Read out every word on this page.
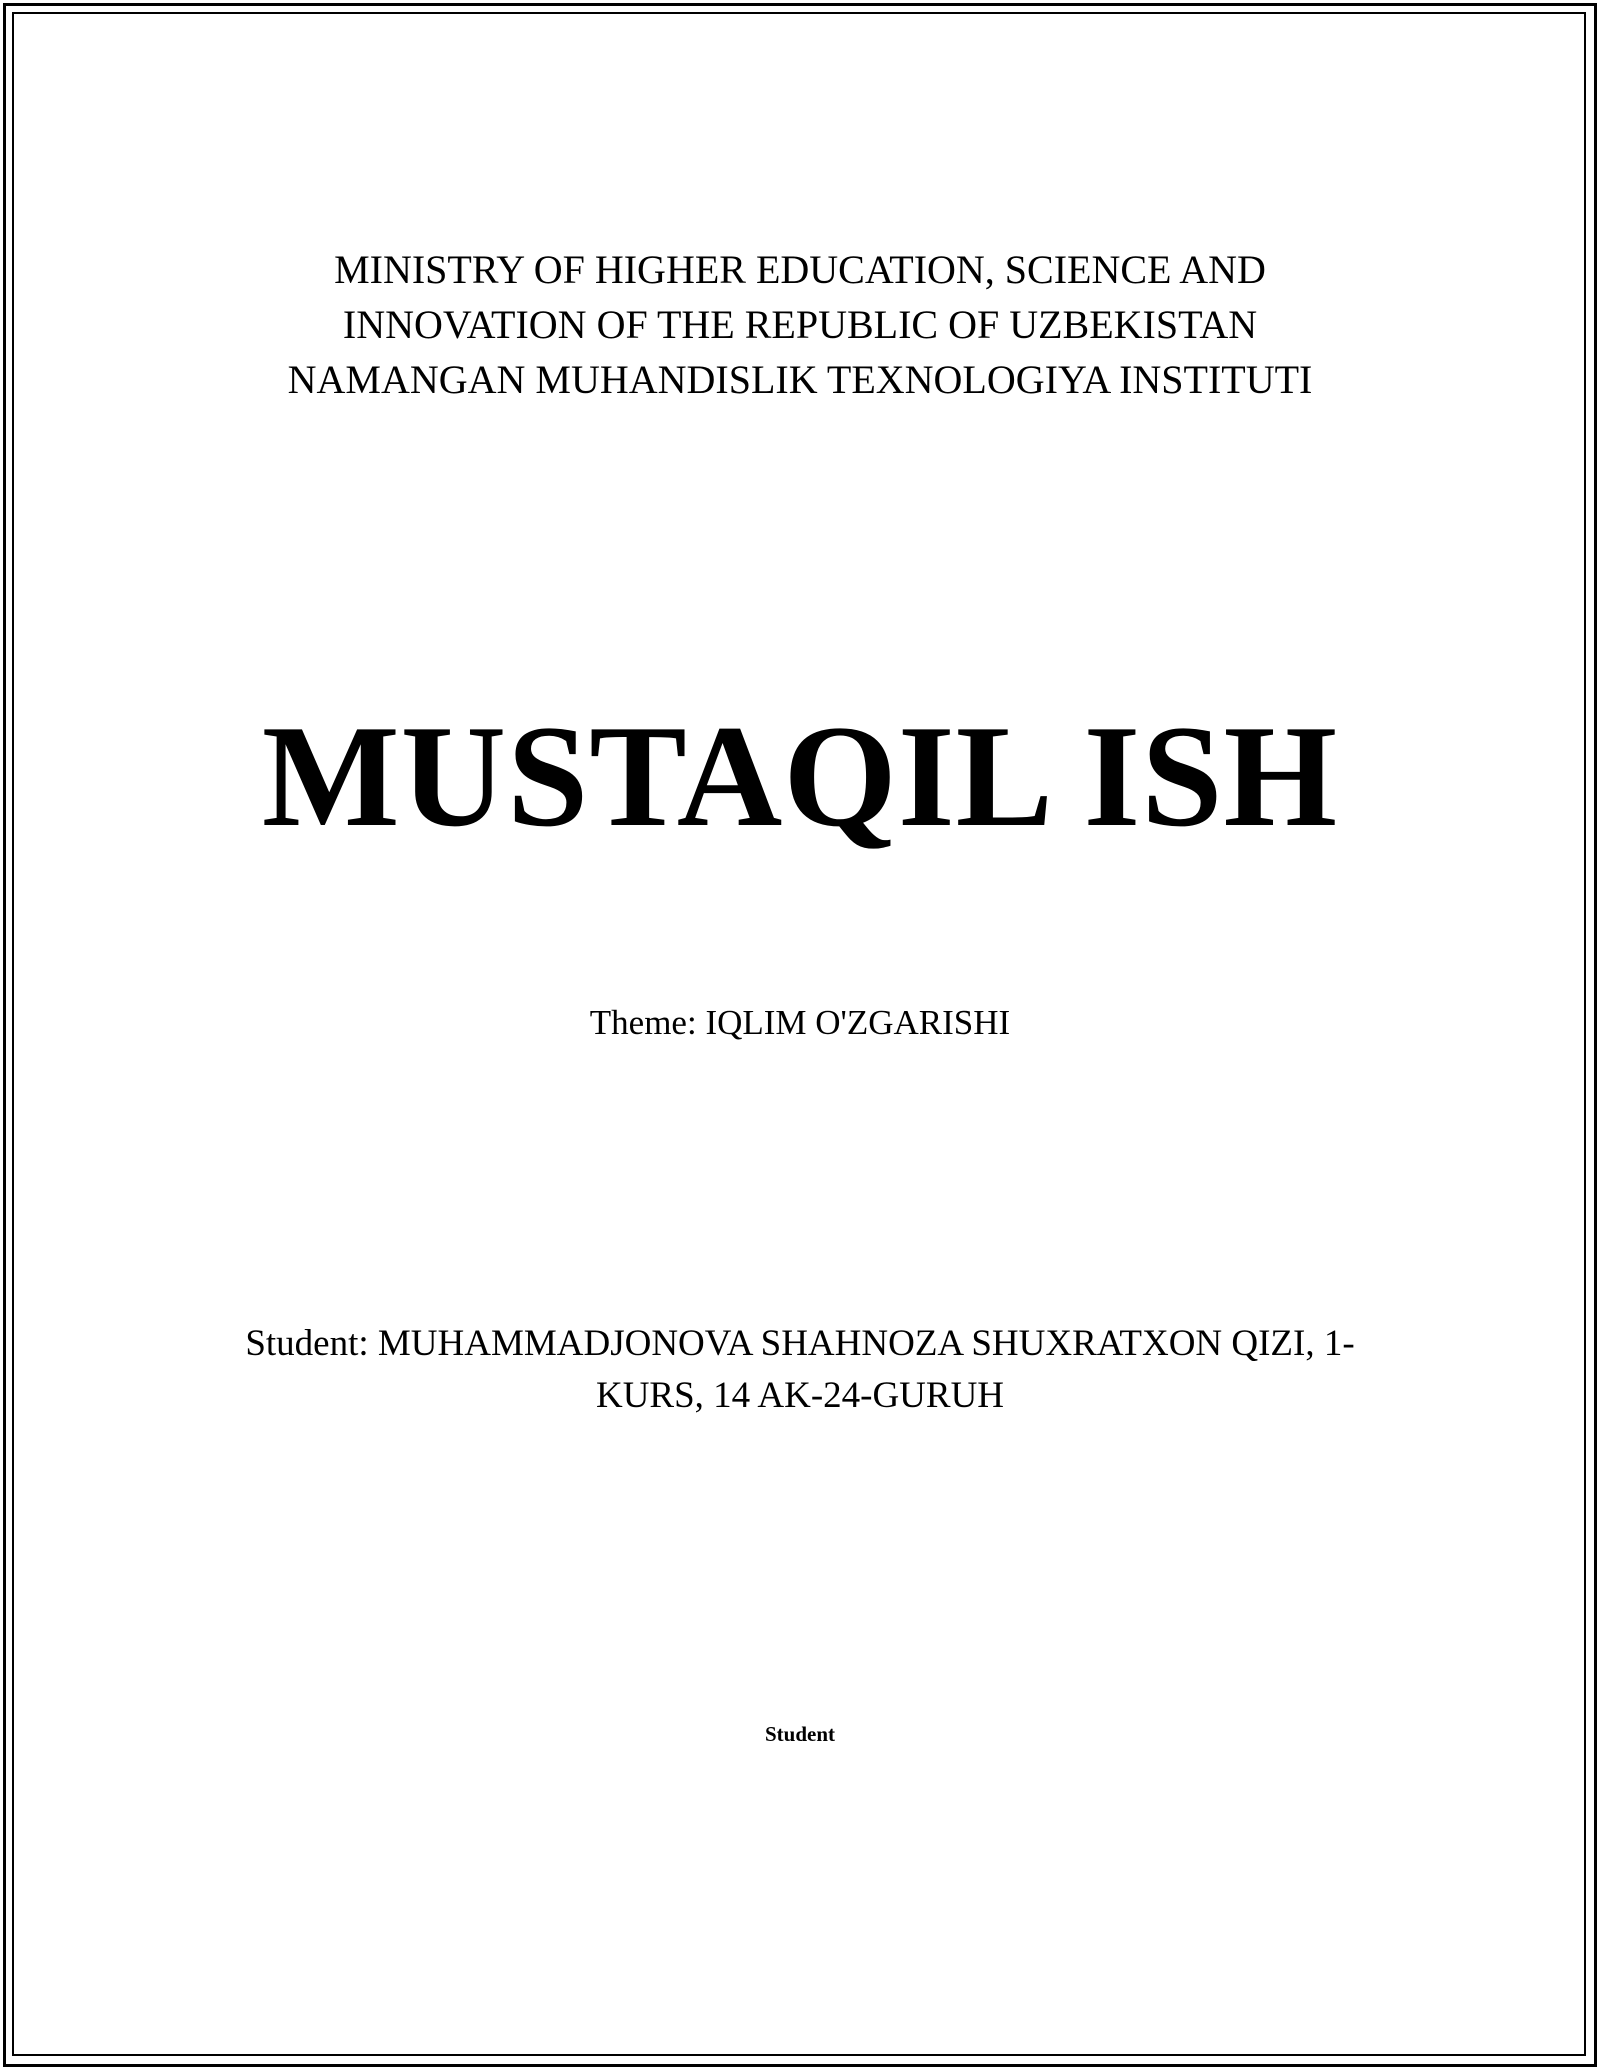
MINISTRY OF HIGHER EDUCATION, SCIENCE AND
INNOVATION OF THE REPUBLIC OF UZBEKISTAN
NAMANGAN MUHANDISLIK TEXNOLOGIYA INSTITUTI
MUSTAQIL ISH
Theme: IQLIM O'ZGARISHI
Student: MUHAMMADJONOVA SHAHNOZA SHUXRATXON QIZI, 1-
KURS, 14 AK-24-GURUH
Student
